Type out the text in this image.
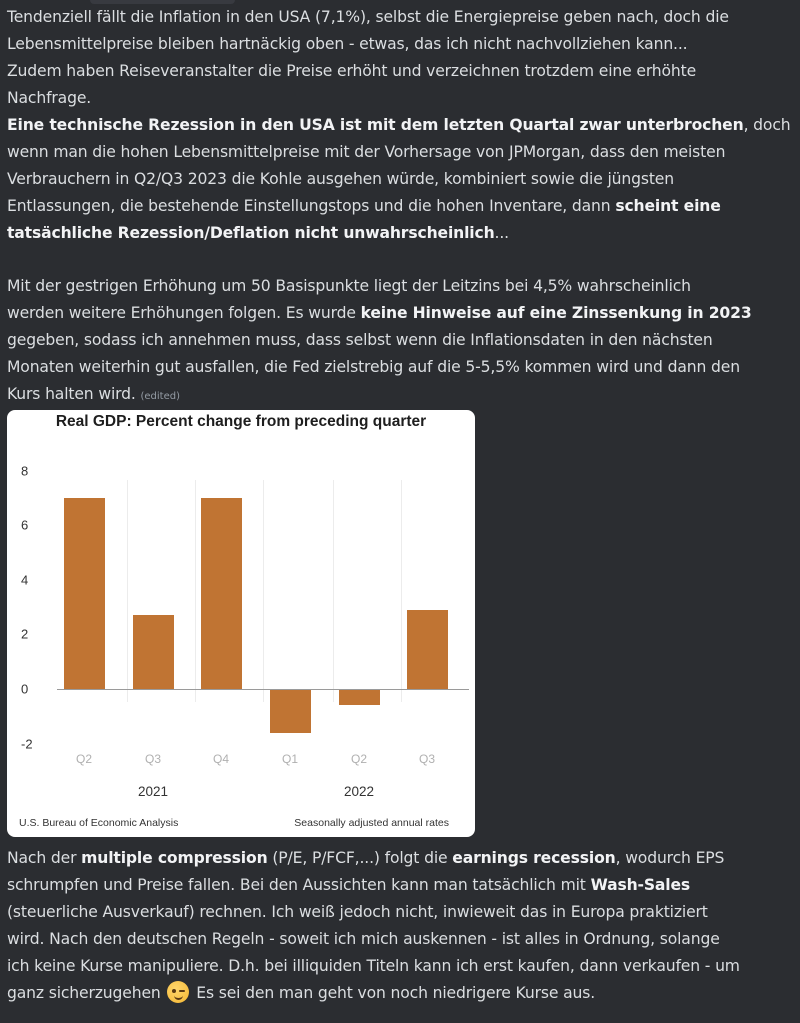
Tendenziell fällt die Inflation in den USA (7,1%), selbst die Energiepreise geben nach, doch die
Lebensmittelpreise bleiben hartnäckig oben - etwas, das ich nicht nachvollziehen kann...
Zudem haben Reiseveranstalter die Preise erhöht und verzeichnen trotzdem eine erhöhte
Nachfrage.
Eine technische Rezession in den USA ist mit dem letzten Quartal zwar unterbrochen, doch
wenn man die hohen Lebensmittelpreise mit der Vorhersage von JPMorgan, dass den meisten
Verbrauchern in Q2/Q3 2023 die Kohle ausgehen würde, kombiniert sowie die jüngsten
Entlassungen, die bestehende Einstellungstops und die hohen Inventare, dann scheint eine
tatsächliche Rezession/Deflation nicht unwahrscheinlich...
Mit der gestrigen Erhöhung um 50 Basispunkte liegt der Leitzins bei 4,5% wahrscheinlich
werden weitere Erhöhungen folgen. Es wurde keine Hinweise auf eine Zinssenkung in 2023
gegeben, sodass ich annehmen muss, dass selbst wenn die Inflationsdaten in den nächsten
Monaten weiterhin gut ausfallen, die Fed zielstrebig auf die 5-5,5% kommen wird und dann den
Kurs halten wird. (edited)
Real GDP: Percent change from preceding quarter
8
6
4
2
0
-2
Q2	Q3	Q4	Q1	Q2	Q3
2021	2022
U.S. Bureau of Economic Analysis	Seasonally adjusted annual rates
Nach der multiple compression (P/E, P/FCF,...) folgt die earnings recession, wodurch EPS
schrumpfen und Preise fallen. Bei den Aussichten kann man tatsächlich mit Wash-Sales
(steuerliche Ausverkauf) rechnen. Ich weiß jedoch nicht, inwieweit das in Europa praktiziert
wird. Nach den deutschen Regeln - soweit ich mich auskennen - ist alles in Ordnung, solange
ich keine Kurse manipuliere. D.h. bei illiquiden Titeln kann ich erst kaufen, dann verkaufen - um
ganz sicherzugehen
Es sei den man geht von noch niedrigere Kurse aus.
